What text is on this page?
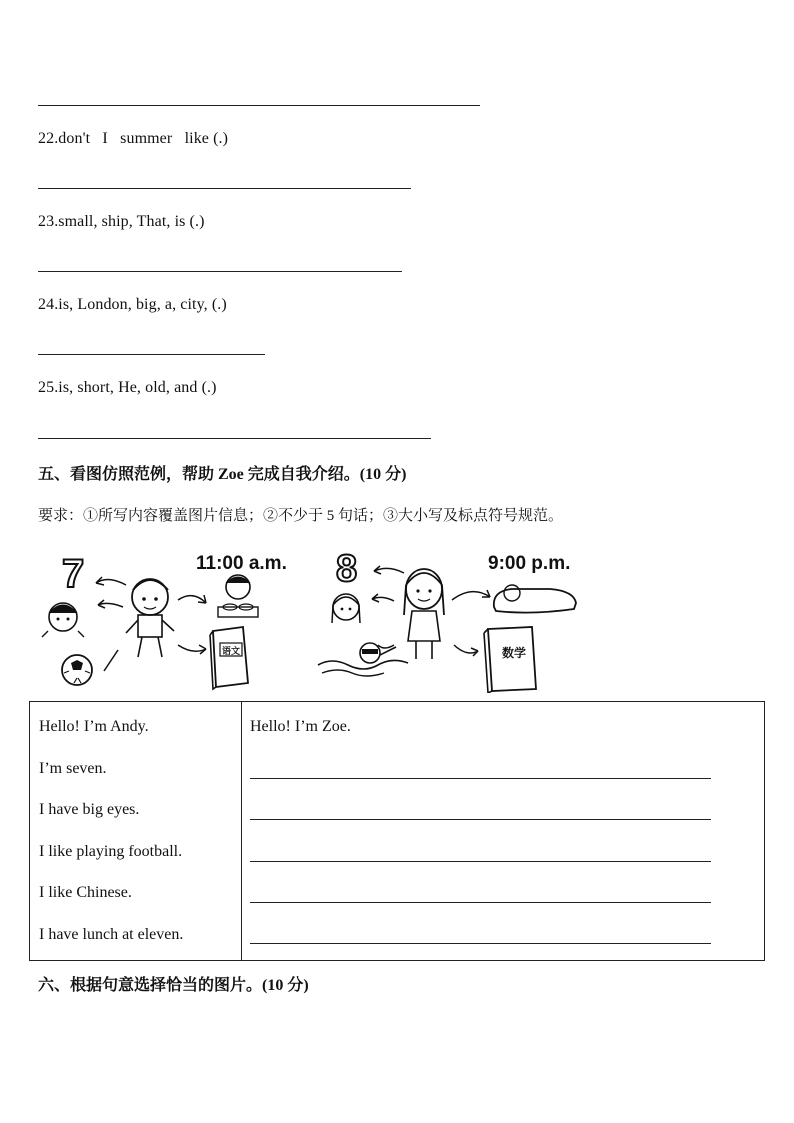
22.don't   I   summer   like (.)
23.small, ship, That, is (.)
24.is, London, big, a, city, (.)
25.is, short, He, old, and (.)
五、看图仿照范例，帮助 Zoe 完成自我介绍。(10 分)
要求：①所写内容覆盖图片信息；②不少于 5 句话；③大小写及标点符号规范。
7	11:00 a.m.
语文
8	9:00 p.m.
数学
Hello! I’m Andy.
I’m seven.
I have big eyes.
I like playing football.
I like Chinese.
I have lunch at eleven.

Hello! I’m Zoe.
六、根据句意选择恰当的图片。(10 分)
